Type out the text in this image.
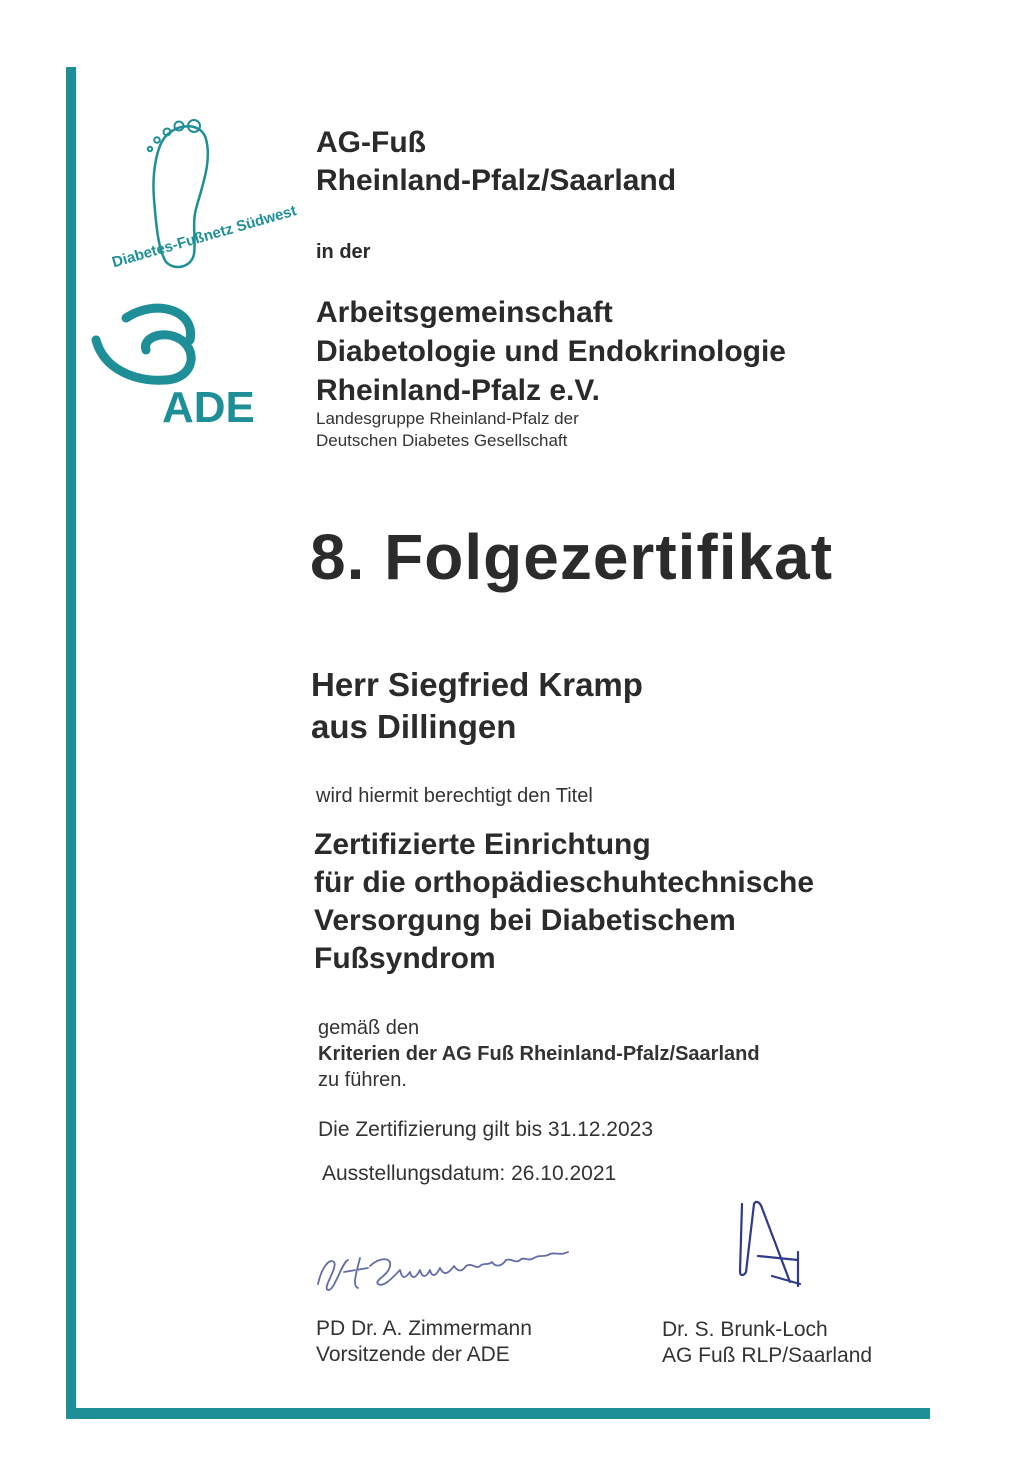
Diabetes-Fußnetz Südwest
ADE
AG-Fuß
Rheinland-Pfalz/Saarland
in der
Arbeitsgemeinschaft
Diabetologie und Endokrinologie
Rheinland-Pfalz e.V.
Landesgruppe Rheinland-Pfalz der
Deutschen Diabetes Gesellschaft
8. Folgezertifikat
Herr Siegfried Kramp
aus Dillingen
wird hiermit berechtigt den Titel
Zertifizierte Einrichtung
für die orthopädieschuhtechnische
Versorgung bei Diabetischem
Fußsyndrom
gemäß den
Kriterien der AG Fuß Rheinland-Pfalz/Saarland
zu führen.
Die Zertifizierung gilt bis 31.12.2023
Ausstellungsdatum: 26.10.2021
PD Dr. A. Zimmermann
Vorsitzende der ADE
Dr. S. Brunk-Loch
AG Fuß RLP/Saarland
